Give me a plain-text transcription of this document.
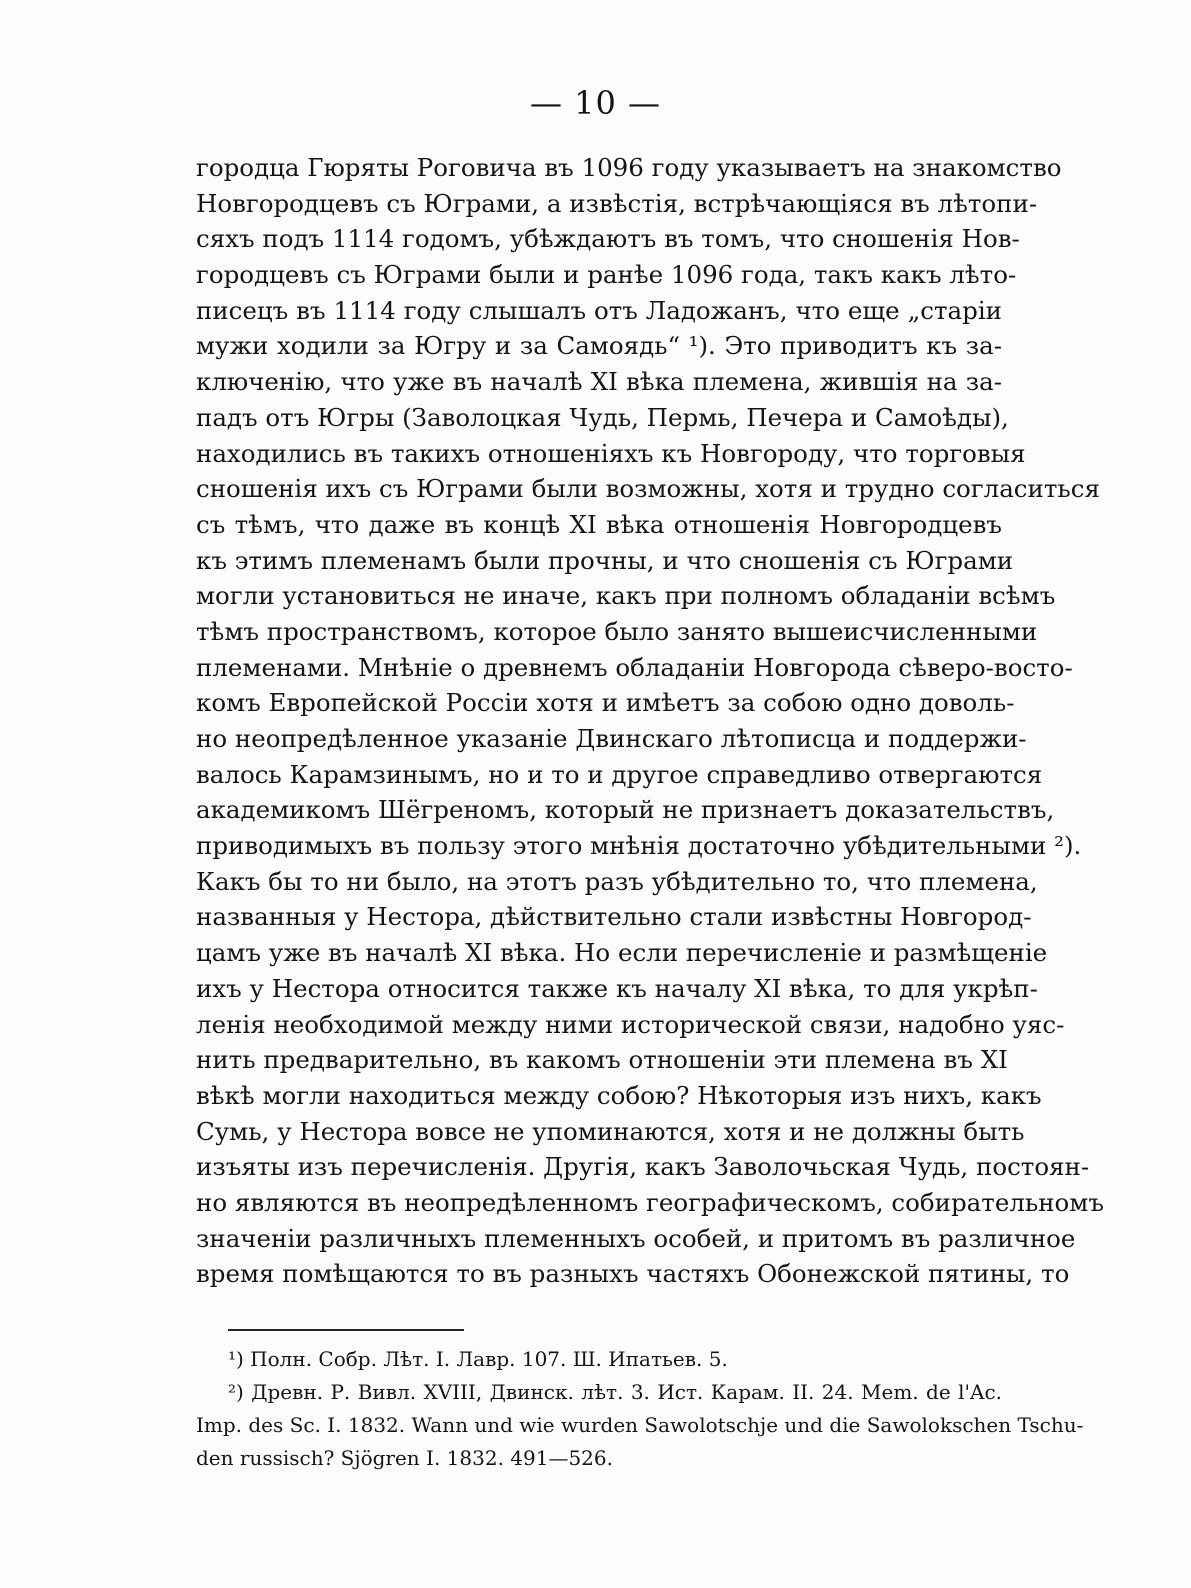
— 10 —
городца Гюряты Роговича въ 1096 году указываетъ на знакомство
Новгородцевъ съ Юграми, а извѣстія, встрѣчающіяся въ лѣтопи-
сяхъ подъ 1114 годомъ, убѣждаютъ въ томъ, что сношенія Нов-
городцевъ съ Юграми были и ранѣе 1096 года, такъ какъ лѣто-
писецъ въ 1114 году слышалъ отъ Ладожанъ, что еще „старіи
мужи ходили за Югру и за Самоядь“ ¹). Это приводитъ къ за-
ключенію, что уже въ началѣ XI вѣка племена, жившія на за-
падъ отъ Югры (Заволоцкая Чудь, Пермь, Печера и Самоѣды),
находились въ такихъ отношеніяхъ къ Новгороду, что торговыя
сношенія ихъ съ Юграми были возможны, хотя и трудно согласиться
съ тѣмъ, что даже въ концѣ XI вѣка отношенія Новгородцевъ
къ этимъ племенамъ были прочны, и что сношенія съ Юграми
могли установиться не иначе, какъ при полномъ обладаніи всѣмъ
тѣмъ пространствомъ, которое было занято вышеисчисленными
племенами. Мнѣніе о древнемъ обладаніи Новгорода сѣверо-восто-
комъ Европейской Россіи хотя и имѣетъ за собою одно доволь-
но неопредѣленное указаніе Двинскаго лѣтописца и поддержи-
валось Карамзинымъ, но и то и другое справедливо отвергаются
академикомъ Шёгреномъ, который не признаетъ доказательствъ,
приводимыхъ въ пользу этого мнѣнія достаточно убѣдительными ²).
Какъ бы то ни было, на этотъ разъ убѣдительно то, что племена,
названныя у Нестора, дѣйствительно стали извѣстны Новгород-
цамъ уже въ началѣ XI вѣка. Но если перечисленіе и размѣщеніе
ихъ у Нестора относится также къ началу XI вѣка, то для укрѣп-
ленія необходимой между ними исторической связи, надобно уяс-
нить предварительно, въ какомъ отношеніи эти племена въ XI
вѣкѣ могли находиться между собою? Нѣкоторыя изъ нихъ, какъ
Сумь, у Нестора вовсе не упоминаются, хотя и не должны быть
изъяты изъ перечисленія. Другія, какъ Заволочьская Чудь, постоян-
но являются въ неопредѣленномъ географическомъ, собирательномъ
значеніи различныхъ племенныхъ особей, и притомъ въ различное
время помѣщаются то въ разныхъ частяхъ Обонежской пятины, то
¹) Полн. Собр. Лѣт. I. Лавр. 107. Ш. Ипатьев. 5.
²) Древн. Р. Вивл. XVIII, Двинск. лѣт. 3. Ист. Карам. II. 24. Mem. de l'Ac.
Imp. des Sc. I. 1832. Wann und wie wurden Sawolotschje und die Sawolokschen Tschu-
den russisch? Sjögren I. 1832. 491—526.
